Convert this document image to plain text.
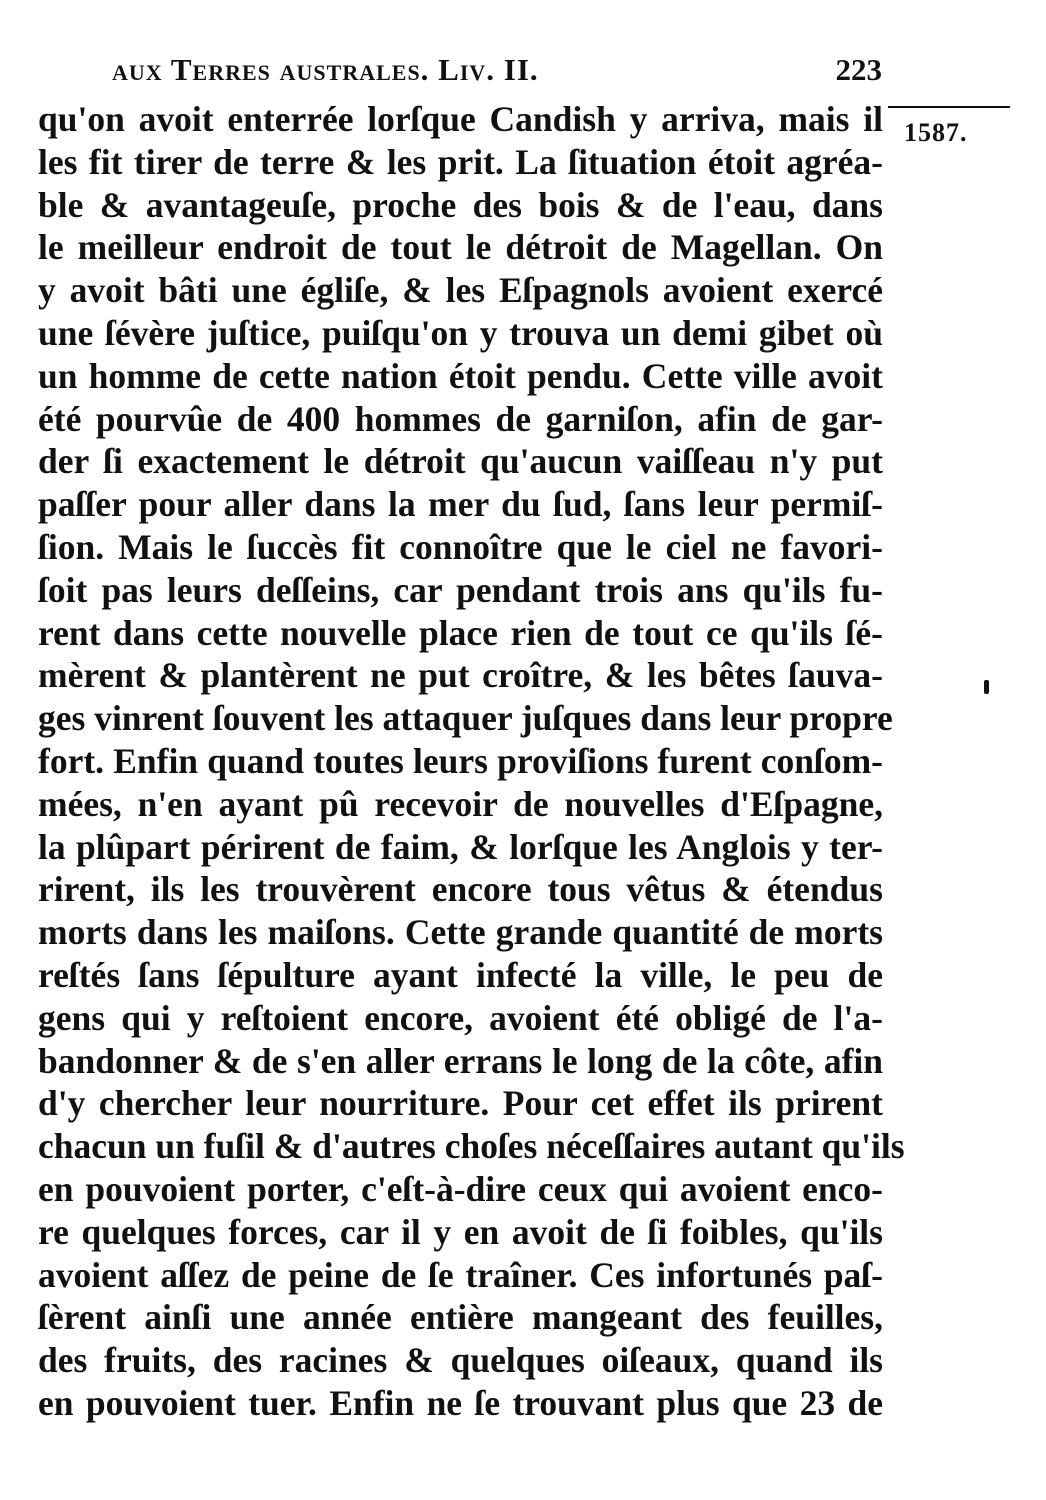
aux Terres australes. Liv. II.	223
1587.
qu'on avoit enterrée lorſque Candish y arriva, mais il
les fit tirer de terre & les prit. La ſituation étoit agréa-
ble & avantageuſe, proche des bois & de l'eau, dans
le meilleur endroit de tout le détroit de Magellan. On
y avoit bâti une égliſe, & les Eſpagnols avoient exercé
une ſévère juſtice, puiſqu'on y trouva un demi gibet où
un homme de cette nation étoit pendu. Cette ville avoit
été pourvûe de 400 hommes de garniſon, afin de gar-
der ſi exactement le détroit qu'aucun vaiſſeau n'y put
paſſer pour aller dans la mer du ſud, ſans leur permiſ-
ſion. Mais le ſuccès fit connoître que le ciel ne favori-
ſoit pas leurs deſſeins, car pendant trois ans qu'ils fu-
rent dans cette nouvelle place rien de tout ce qu'ils ſé-
mèrent & plantèrent ne put croître, & les bêtes ſauva-
ges vinrent ſouvent les attaquer juſques dans leur propre
fort. Enfin quand toutes leurs proviſions furent conſom-
mées, n'en ayant pû recevoir de nouvelles d'Eſpagne,
la plûpart périrent de faim, & lorſque les Anglois y ter-
rirent, ils les trouvèrent encore tous vêtus & étendus
morts dans les maiſons. Cette grande quantité de morts
reſtés ſans ſépulture ayant infecté la ville, le peu de
gens qui y reſtoient encore, avoient été obligé de l'a-
bandonner & de s'en aller errans le long de la côte, afin
d'y chercher leur nourriture. Pour cet effet ils prirent
chacun un fuſil & d'autres choſes néceſſaires autant qu'ils
en pouvoient porter, c'eſt-à-dire ceux qui avoient enco-
re quelques forces, car il y en avoit de ſi foibles, qu'ils
avoient aſſez de peine de ſe traîner. Ces infortunés paſ-
ſèrent ainſi une année entière mangeant des feuilles,
des fruits, des racines & quelques oiſeaux, quand ils
en pouvoient tuer. Enfin ne ſe trouvant plus que 23 de
